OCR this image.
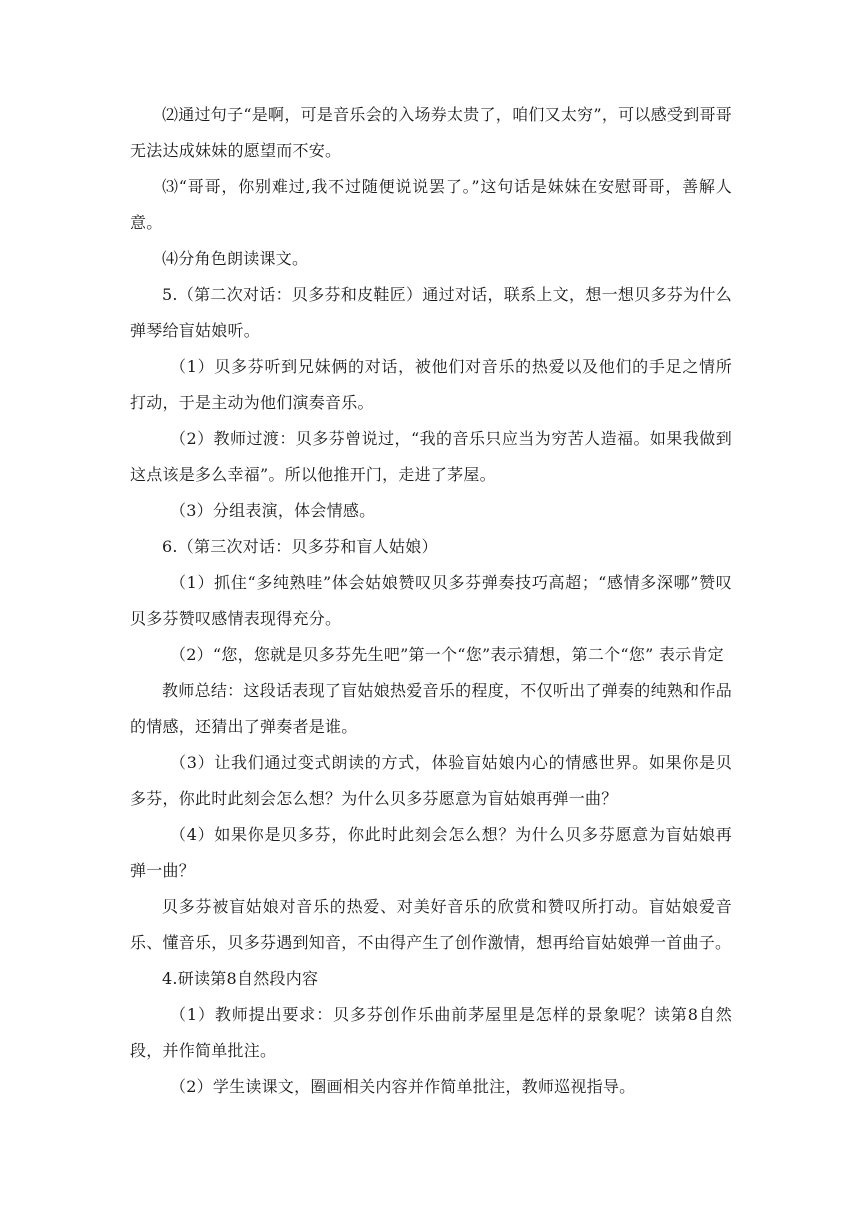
⑵通过句子“是啊，可是音乐会的入场券太贵了，咱们又太穷”，可以感受到哥哥无法达成妹妹的愿望而不安。

⑶“哥哥，你别难过,我不过随便说说罢了。”这句话是妹妹在安慰哥哥，善解人意。

⑷分角色朗读课文。

5.（第二次对话：贝多芬和皮鞋匠）通过对话，联系上文，想一想贝多芬为什么弹琴给盲姑娘听。

（1）贝多芬听到兄妹俩的对话，被他们对音乐的热爱以及他们的手足之情所打动，于是主动为他们演奏音乐。

（2）教师过渡：贝多芬曾说过，“我的音乐只应当为穷苦人造福。如果我做到这点该是多么幸福”。所以他推开门，走进了茅屋。

（3）分组表演，体会情感。

6.（第三次对话：贝多芬和盲人姑娘）

（1）抓住“多纯熟哇”体会姑娘赞叹贝多芬弹奏技巧高超；“感情多深哪”赞叹贝多芬赞叹感情表现得充分。

（2）“您，您就是贝多芬先生吧”第一个“您”表示猜想，第二个“您” 表示肯定

教师总结：这段话表现了盲姑娘热爱音乐的程度，不仅听出了弹奏的纯熟和作品的情感，还猜出了弹奏者是谁。

（3）让我们通过变式朗读的方式，体验盲姑娘内心的情感世界。如果你是贝多芬，你此时此刻会怎么想？为什么贝多芬愿意为盲姑娘再弹一曲？

（4）如果你是贝多芬，你此时此刻会怎么想？为什么贝多芬愿意为盲姑娘再弹一曲？

贝多芬被盲姑娘对音乐的热爱、对美好音乐的欣赏和赞叹所打动。盲姑娘爱音乐、懂音乐，贝多芬遇到知音，不由得产生了创作激情，想再给盲姑娘弹一首曲子。

4.研读第8自然段内容

（1）教师提出要求：贝多芬创作乐曲前茅屋里是怎样的景象呢？读第8自然段，并作简单批注。

（2）学生读课文，圈画相关内容并作简单批注，教师巡视指导。
